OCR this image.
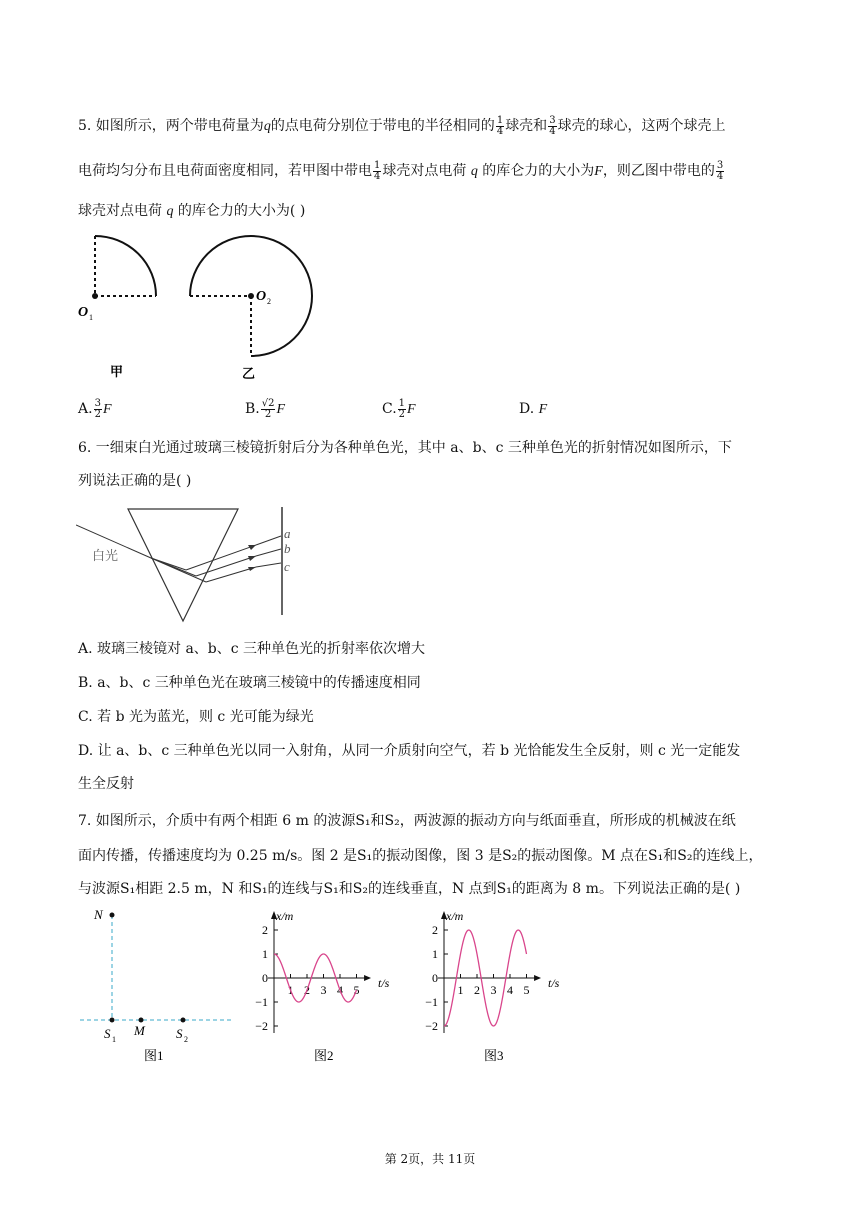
5. 如图所示，两个带电荷量为q的点电荷分别位于带电的半径相同的 $\frac{1}{4}$ 球壳和 $\frac{3}{4}$ 球壳的球心，这两个球壳上
电荷均匀分布且电荷面密度相同，若甲图中带电 $\frac{1}{4}$ 球壳对点电荷 q 的库仑力的大小为F，则乙图中带电的 $\frac{3}{4}$
球壳对点电荷 q 的库仑力的大小为( )
O 1
甲
O 2
乙
A. $\frac{3}{2}$ F	B. $\frac{√2}{2}$ F	C. $\frac{1}{2}$ F	D. F
6. 一细束白光通过玻璃三棱镜折射后分为各种单色光，其中 a、b、c 三种单色光的折射情况如图所示，下
列说法正确的是( )
白光
a
b
c
A. 玻璃三棱镜对 a、b、c 三种单色光的折射率依次增大
B. a、b、c 三种单色光在玻璃三棱镜中的传播速度相同
C. 若 b 光为蓝光，则 c 光可能为绿光
D. 让 a、b、c 三种单色光以同一入射角，从同一介质射向空气，若 b 光恰能发生全反射，则 c 光一定能发
生全反射
7. 如图所示，介质中有两个相距 6 m 的波源S₁和S₂，两波源的振动方向与纸面垂直，所形成的机械波在纸
面内传播，传播速度均为 0.25 m/s。图 2 是S₁的振动图像，图 3 是S₂的振动图像。M 点在S₁和S₂的连线上，
与波源S₁相距 2.5 m，N 和S₁的连线与S₁和S₂的连线垂直，N 点到S₁的距离为 8 m。下列说法正确的是( )
N
S 1
M S 2
图1
x/m
t/s
图2
−2
−1
0
1
2
1 2 3 4 5
x/m
t/s
图3
−2
−1
0
1
2
1 2 3 4 5
第 2页，共 11页
